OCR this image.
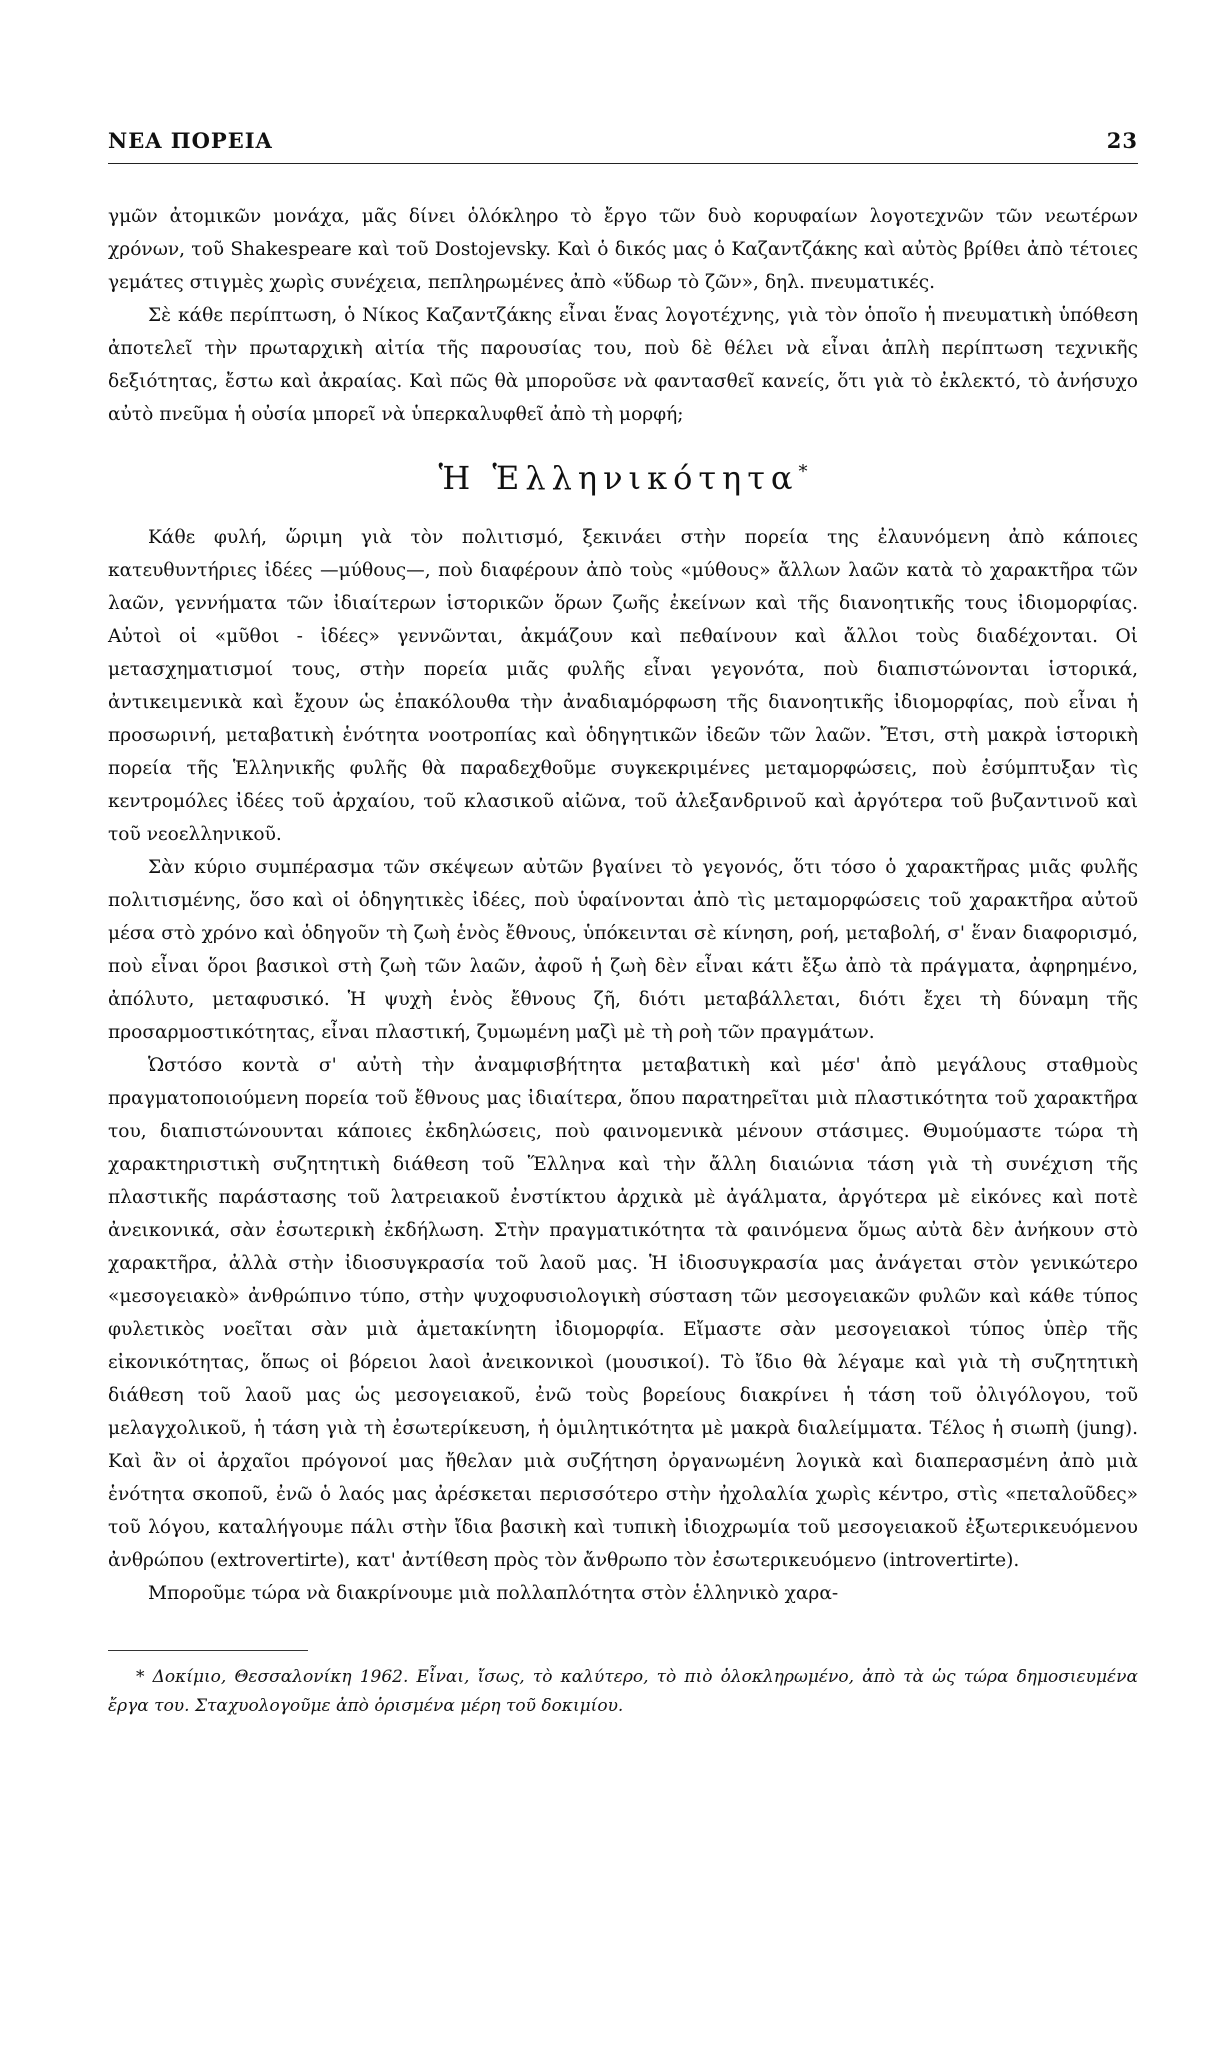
ΝΕΑ ΠΟΡΕΙΑ	23

γμῶν ἀτομικῶν μονάχα, μᾶς δίνει ὁλόκληρο τὸ ἔργο τῶν δυὸ κορυφαίων λογοτεχνῶν τῶν νεωτέρων χρόνων, τοῦ Shakespeare καὶ τοῦ Dostojevsky. Καὶ ὁ δικός μας ὁ Καζαντζάκης καὶ αὐτὸς βρίθει ἀπὸ τέτοιες γεμάτες στιγμὲς χωρὶς συνέχεια, πεπληρωμένες ἀπὸ «ὕδωρ τὸ ζῶν», δηλ. πνευματικές.

Σὲ κάθε περίπτωση, ὁ Νίκος Καζαντζάκης εἶναι ἕνας λογοτέχνης, γιὰ τὸν ὁποῖο ἡ πνευματικὴ ὑπόθεση ἀποτελεῖ τὴν πρωταρχικὴ αἰτία τῆς παρουσίας του, ποὺ δὲ θέλει νὰ εἶναι ἁπλὴ περίπτωση τεχνικῆς δεξιότητας, ἔστω καὶ ἀκραίας. Καὶ πῶς θὰ μποροῦσε νὰ φαντασθεῖ κανείς, ὅτι γιὰ τὸ ἐκλεκτό, τὸ ἀνήσυχο αὐτὸ πνεῦμα ἡ οὐσία μπορεῖ νὰ ὑπερκαλυφθεῖ ἀπὸ τὴ μορφή;

Ἡ Ἑλληνικότητα*

Κάθε φυλή, ὥριμη γιὰ τὸν πολιτισμό, ξεκινάει στὴν πορεία της ἐλαυνόμενη ἀπὸ κάποιες κατευθυντήριες ἰδέες —μύθους—, ποὺ διαφέρουν ἀπὸ τοὺς «μύθους» ἄλλων λαῶν κατὰ τὸ χαρακτῆρα τῶν λαῶν, γεννήματα τῶν ἰδιαίτερων ἱστορικῶν ὅρων ζωῆς ἐκείνων καὶ τῆς διανοητικῆς τους ἰδιομορφίας. Αὐτοὶ οἱ «μῦθοι - ἰδέες» γεννῶνται, ἀκμάζουν καὶ πεθαίνουν καὶ ἄλλοι τοὺς διαδέχονται. Οἱ μετασχηματισμοί τους, στὴν πορεία μιᾶς φυλῆς εἶναι γεγονότα, ποὺ διαπιστώνονται ἱστορικά, ἀντικειμενικὰ καὶ ἔχουν ὡς ἐπακόλουθα τὴν ἀναδιαμόρφωση τῆς διανοητικῆς ἰδιομορφίας, ποὺ εἶναι ἡ προσωρινή, μεταβατικὴ ἑνότητα νοοτροπίας καὶ ὁδηγητικῶν ἰδεῶν τῶν λαῶν. Ἔτσι, στὴ μακρὰ ἱστορικὴ πορεία τῆς Ἑλληνικῆς φυλῆς θὰ παραδεχθοῦμε συγκεκριμένες μεταμορφώσεις, ποὺ ἐσύμπτυξαν τὶς κεντρομόλες ἰδέες τοῦ ἀρχαίου, τοῦ κλασικοῦ αἰῶνα, τοῦ ἀλεξανδρινοῦ καὶ ἀργότερα τοῦ βυζαντινοῦ καὶ τοῦ νεοελληνικοῦ.

Σὰν κύριο συμπέρασμα τῶν σκέψεων αὐτῶν βγαίνει τὸ γεγονός, ὅτι τόσο ὁ χαρακτῆρας μιᾶς φυλῆς πολιτισμένης, ὅσο καὶ οἱ ὁδηγητικὲς ἰδέες, ποὺ ὑφαίνονται ἀπὸ τὶς μεταμορφώσεις τοῦ χαρακτῆρα αὐτοῦ μέσα στὸ χρόνο καὶ ὁδηγοῦν τὴ ζωὴ ἑνὸς ἔθνους, ὑπόκεινται σὲ κίνηση, ροή, μεταβολή, σ' ἕναν διαφορισμό, ποὺ εἶναι ὅροι βασικοὶ στὴ ζωὴ τῶν λαῶν, ἀφοῦ ἡ ζωὴ δὲν εἶναι κάτι ἔξω ἀπὸ τὰ πράγματα, ἀφηρημένο, ἀπόλυτο, μεταφυσικό. Ἡ ψυχὴ ἑνὸς ἔθνους ζῆ, διότι μεταβάλλεται, διότι ἔχει τὴ δύναμη τῆς προσαρμοστικότητας, εἶναι πλαστική, ζυμωμένη μαζὶ μὲ τὴ ροὴ τῶν πραγμάτων.

Ὡστόσο κοντὰ σ' αὐτὴ τὴν ἀναμφισβήτητα μεταβατικὴ καὶ μέσ' ἀπὸ μεγάλους σταθμοὺς πραγματοποιούμενη πορεία τοῦ ἔθνους μας ἰδιαίτερα, ὅπου παρατηρεῖται μιὰ πλαστικότητα τοῦ χαρακτῆρα του, διαπιστώνουνται κάποιες ἐκδηλώσεις, ποὺ φαινομενικὰ μένουν στάσιμες. Θυμούμαστε τώρα τὴ χαρακτηριστικὴ συζητητικὴ διάθεση τοῦ Ἕλληνα καὶ τὴν ἄλλη διαιώνια τάση γιὰ τὴ συνέχιση τῆς πλαστικῆς παράστασης τοῦ λατρειακοῦ ἐνστίκτου ἀρχικὰ μὲ ἀγάλματα, ἀργότερα μὲ εἰκόνες καὶ ποτὲ ἀνεικονικά, σὰν ἐσωτερικὴ ἐκδήλωση. Στὴν πραγματικότητα τὰ φαινόμενα ὅμως αὐτὰ δὲν ἀνήκουν στὸ χαρακτῆρα, ἀλλὰ στὴν ἰδιοσυγκρασία τοῦ λαοῦ μας. Ἡ ἰδιοσυγκρασία μας ἀνάγεται στὸν γενικώτερο «μεσογειακὸ» ἀνθρώπινο τύπο, στὴν ψυχοφυσιολογικὴ σύσταση τῶν μεσογειακῶν φυλῶν καὶ κάθε τύπος φυλετικὸς νοεῖται σὰν μιὰ ἀμετακίνητη ἰδιομορφία. Εἴμαστε σὰν μεσογειακοὶ τύπος ὑπὲρ τῆς εἰκονικότητας, ὅπως οἱ βόρειοι λαοὶ ἀνεικονικοὶ (μουσικοί). Τὸ ἴδιο θὰ λέγαμε καὶ γιὰ τὴ συζητητικὴ διάθεση τοῦ λαοῦ μας ὡς μεσογειακοῦ, ἐνῶ τοὺς βορείους διακρίνει ἡ τάση τοῦ ὀλιγόλογου, τοῦ μελαγχολικοῦ, ἡ τάση γιὰ τὴ ἐσωτερίκευση, ἡ ὁμιλητικότητα μὲ μακρὰ διαλείμματα. Τέλος ἡ σιωπὴ (jung). Καὶ ἂν οἱ ἀρχαῖοι πρόγονοί μας ἤθελαν μιὰ συζήτηση ὀργανωμένη λογικὰ καὶ διαπερασμένη ἀπὸ μιὰ ἑνότητα σκοποῦ, ἐνῶ ὁ λαός μας ἀρέσκεται περισσότερο στὴν ἠχολαλία χωρὶς κέντρο, στὶς «πεταλοῦδες» τοῦ λόγου, καταλήγουμε πάλι στὴν ἴδια βασικὴ καὶ τυπικὴ ἰδιοχρωμία τοῦ μεσογειακοῦ ἐξωτερικευόμενου ἀνθρώπου (extrovertirte), κατ' ἀντίθεση πρὸς τὸν ἄνθρωπο τὸν ἐσωτερικευόμενο (introvertirte).

Μποροῦμε τώρα νὰ διακρίνουμε μιὰ πολλαπλότητα στὸν ἑλληνικὸ χαρα-

* Δοκίμιο, Θεσσαλονίκη 1962. Εἶναι, ἴσως, τὸ καλύτερο, τὸ πιὸ ὁλοκληρωμένο, ἀπὸ τὰ ὡς τώρα δημοσιευμένα ἔργα του. Σταχυολογοῦμε ἀπὸ ὁρισμένα μέρη τοῦ δοκιμίου.
